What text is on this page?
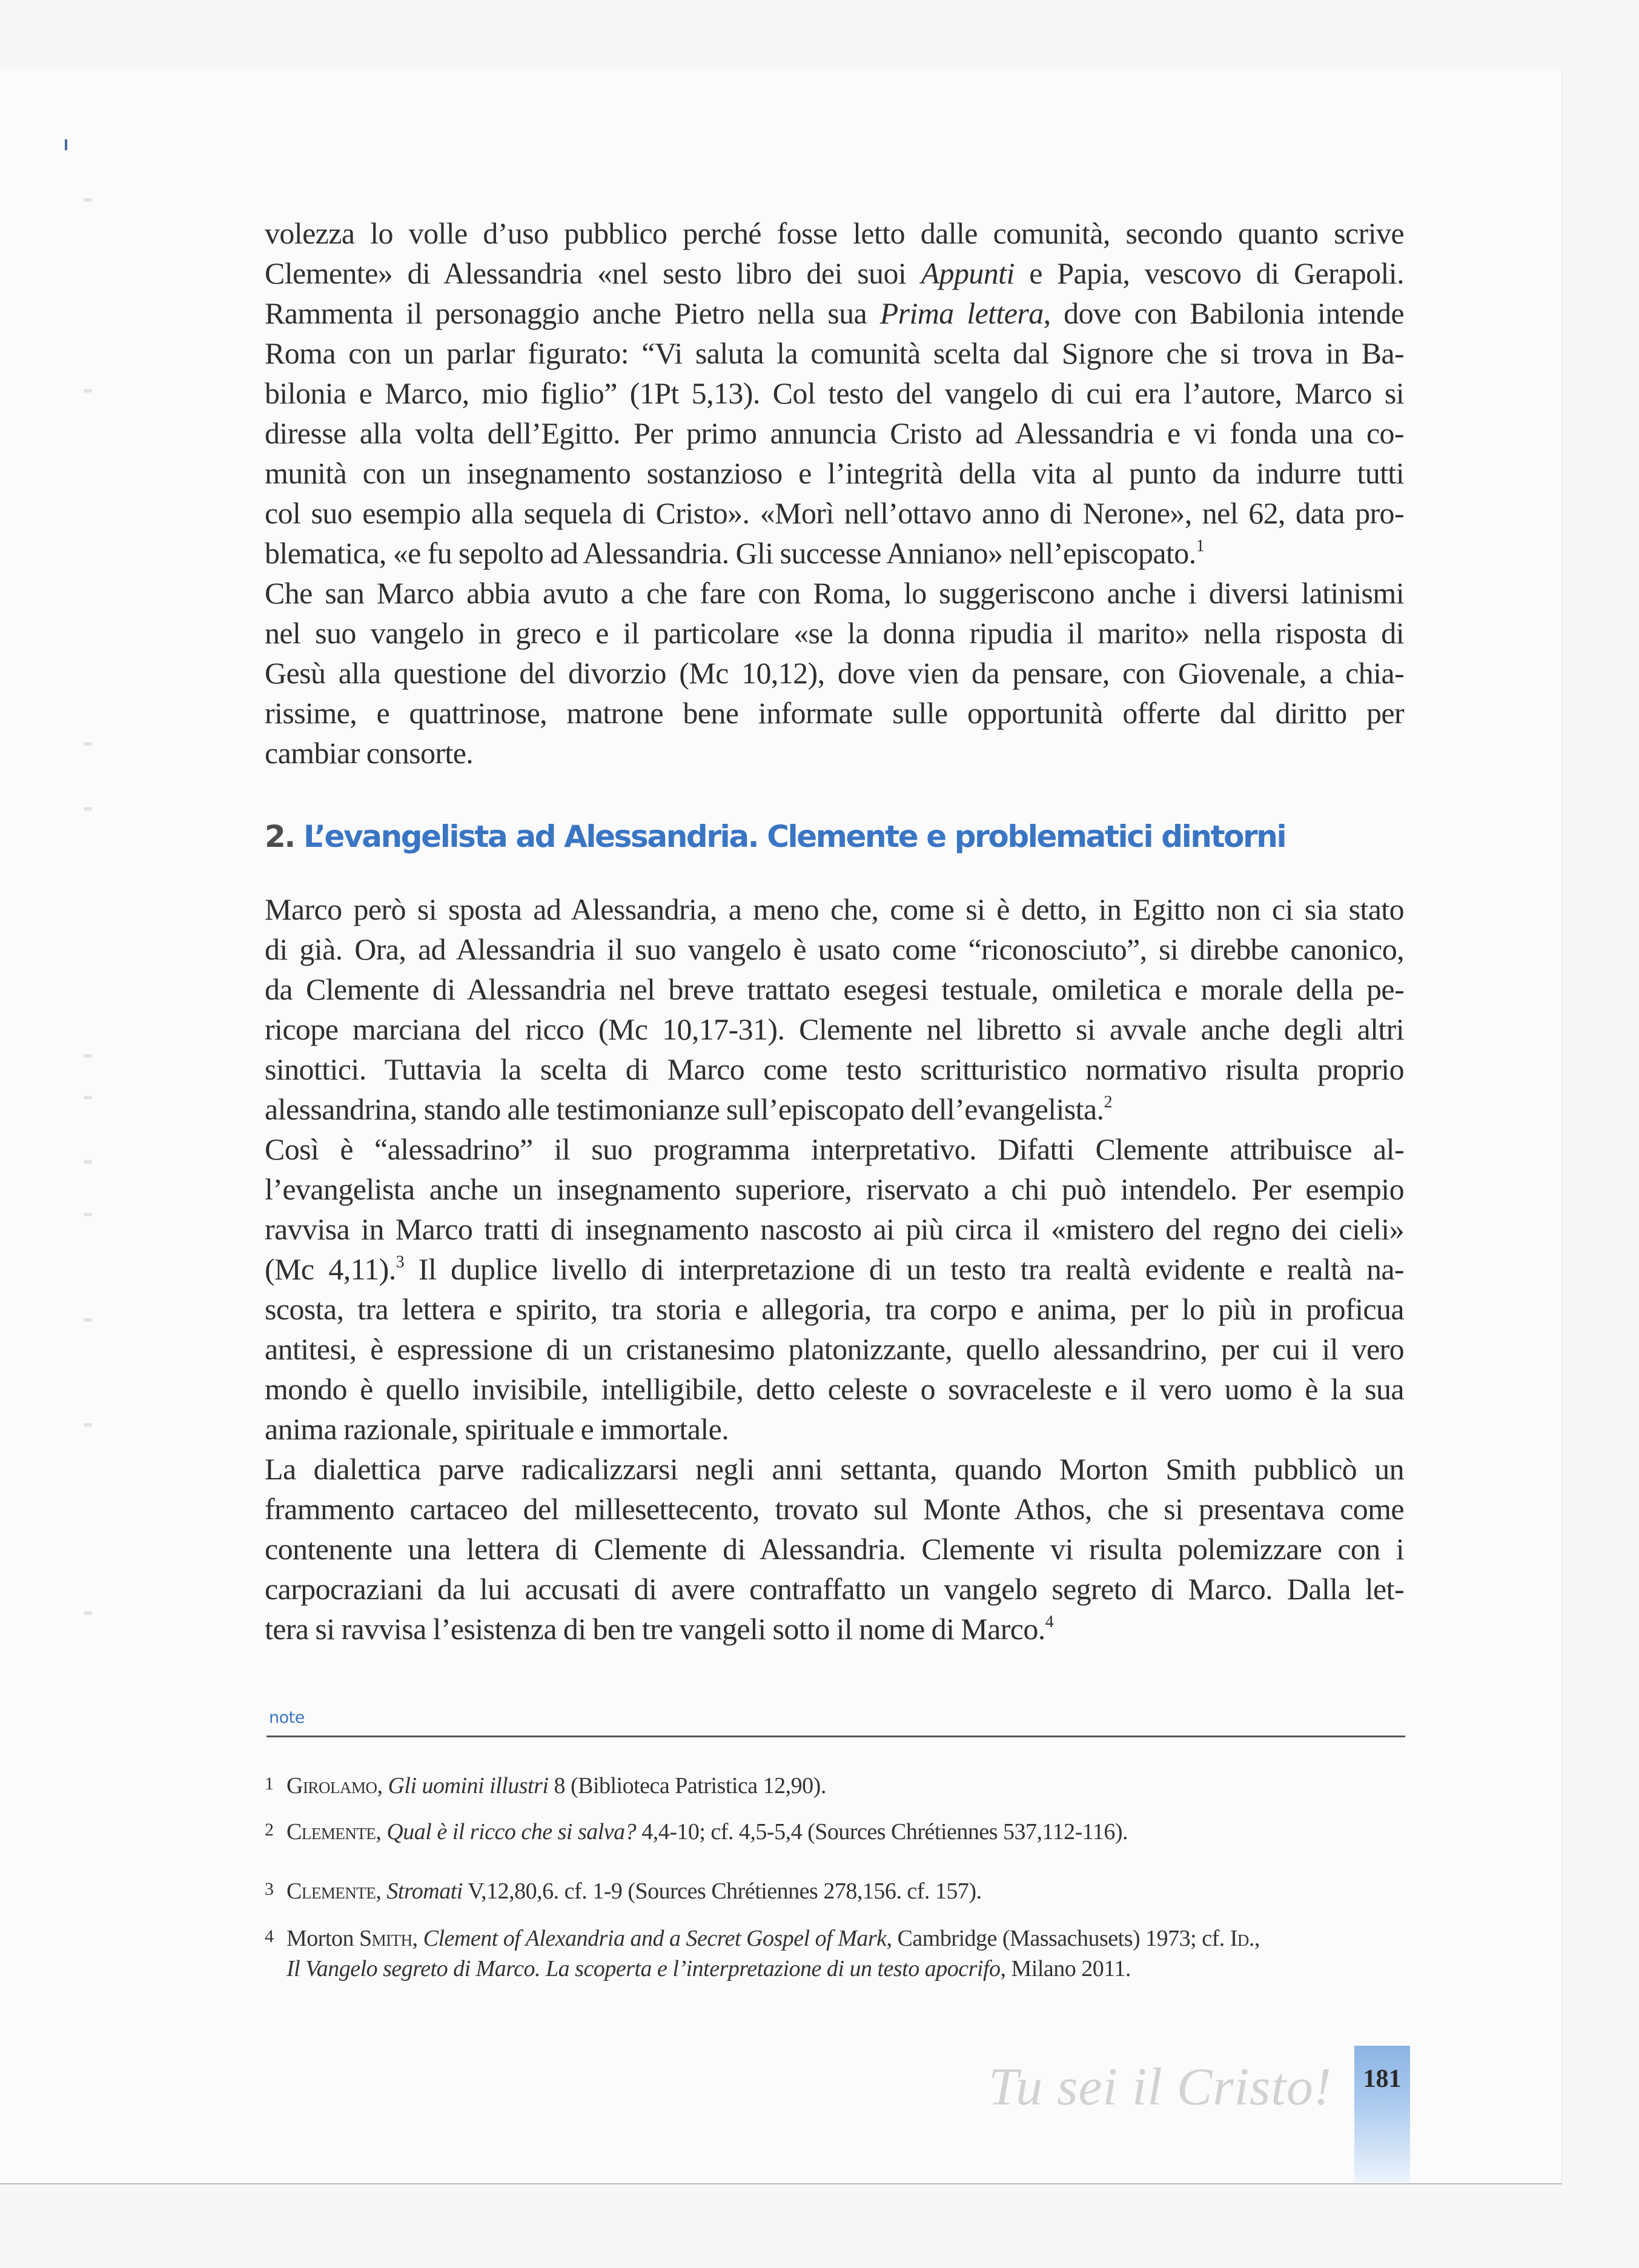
volezza lo volle d’uso pubblico perché fosse letto dalle comunità, secondo quanto scrive
Clemente» di Alessandria «nel sesto libro dei suoi Appunti e Papia, vescovo di Gerapoli.
Rammenta il personaggio anche Pietro nella sua Prima lettera, dove con Babilonia intende
Roma con un parlar figurato: “Vi saluta la comunità scelta dal Signore che si trova in Ba-
bilonia e Marco, mio figlio” (1Pt 5,13). Col testo del vangelo di cui era l’autore, Marco si
diresse alla volta dell’Egitto. Per primo annuncia Cristo ad Alessandria e vi fonda una co-
munità con un insegnamento sostanzioso e l’integrità della vita al punto da indurre tutti
col suo esempio alla sequela di Cristo». «Morì nell’ottavo anno di Nerone», nel 62, data pro-
blematica, «e fu sepolto ad Alessandria. Gli successe Anniano» nell’episcopato.$^1$
Che san Marco abbia avuto a che fare con Roma, lo suggeriscono anche i diversi latinismi
nel suo vangelo in greco e il particolare «se la donna ripudia il marito» nella risposta di
Gesù alla questione del divorzio (Mc 10,12), dove vien da pensare, con Giovenale, a chia-
rissime, e quattrinose, matrone bene informate sulle opportunità offerte dal diritto per
cambiar consorte.
2. L’evangelista ad Alessandria. Clemente e problematici dintorni
Marco però si sposta ad Alessandria, a meno che, come si è detto, in Egitto non ci sia stato
di già. Ora, ad Alessandria il suo vangelo è usato come “riconosciuto”, si direbbe canonico,
da Clemente di Alessandria nel breve trattato esegesi testuale, omiletica e morale della pe-
ricope marciana del ricco (Mc 10,17-31). Clemente nel libretto si avvale anche degli altri
sinottici. Tuttavia la scelta di Marco come testo scritturistico normativo risulta proprio
alessandrina, stando alle testimonianze sull’episcopato dell’evangelista.$^2$
Così è “alessadrino” il suo programma interpretativo. Difatti Clemente attribuisce al-
l’evangelista anche un insegnamento superiore, riservato a chi può intendelo. Per esempio
ravvisa in Marco tratti di insegnamento nascosto ai più circa il «mistero del regno dei cieli»
(Mc 4,11).$^3$ Il duplice livello di interpretazione di un testo tra realtà evidente e realtà na-
scosta, tra lettera e spirito, tra storia e allegoria, tra corpo e anima, per lo più in proficua
antitesi, è espressione di un cristanesimo platonizzante, quello alessandrino, per cui il vero
mondo è quello invisibile, intelligibile, detto celeste o sovraceleste e il vero uomo è la sua
anima razionale, spirituale e immortale.
La dialettica parve radicalizzarsi negli anni settanta, quando Morton Smith pubblicò un
frammento cartaceo del millesettecento, trovato sul Monte Athos, che si presentava come
contenente una lettera di Clemente di Alessandria. Clemente vi risulta polemizzare con i
carpocraziani da lui accusati di avere contraffatto un vangelo segreto di Marco. Dalla let-
tera si ravvisa l’esistenza di ben tre vangeli sotto il nome di Marco.$^4$
note
1 Girolamo, Gli uomini illustri 8 (Biblioteca Patristica 12,90).
2 Clemente, Qual è il ricco che si salva? 4,4-10; cf. 4,5-5,4 (Sources Chrétiennes 537,112-116).
3 Clemente, Stromati V,12,80,6. cf. 1-9 (Sources Chrétiennes 278,156. cf. 157).
4 Morton Smith, Clement of Alexandria and a Secret Gospel of Mark, Cambridge (Massachusets) 1973; cf. Id.,
Il Vangelo segreto di Marco. La scoperta e l’interpretazione di un testo apocrifo, Milano 2011.
Tu sei il Cristo! 181
